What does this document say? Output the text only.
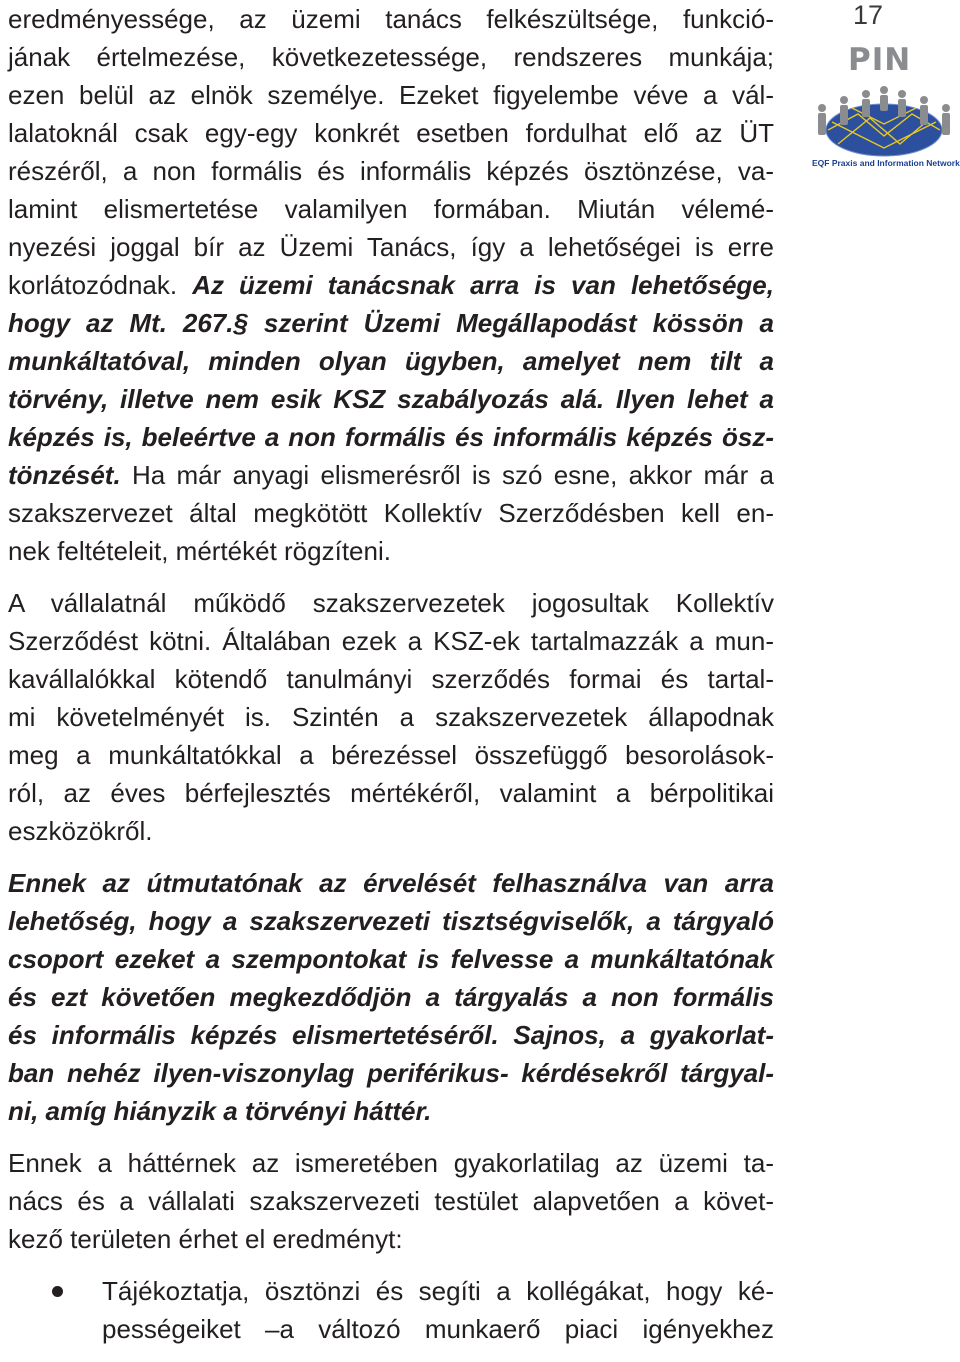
17
PIN
EQF Praxis and Information Network
eredményessége, az üzemi tanács felkészültsége, funkció-
jának értelmezése, következetessége, rendszeres munkája;
ezen belül az elnök személye. Ezeket figyelembe véve a vál-
lalatoknál csak egy-egy konkrét esetben fordulhat elő az ÜT
részéről, a non formális és informális képzés ösztönzése, va-
lamint elismertetése valamilyen formában. Miután vélemé-
nyezési joggal bír az Üzemi Tanács, így a lehetőségei is erre
korlátozódnak. Az üzemi tanácsnak arra is van lehetősége,
hogy az Mt. 267.§ szerint Üzemi Megállapodást kössön a
munkáltatóval, minden olyan ügyben, amelyet nem tilt a
törvény, illetve nem esik KSZ szabályozás alá. Ilyen lehet a
képzés is, beleértve a non formális és informális képzés ösz-
tönzését. Ha már anyagi elismerésről is szó esne, akkor már a
szakszervezet által megkötött Kollektív Szerződésben kell en-
nek feltételeit, mértékét rögzíteni.
A vállalatnál működő szakszervezetek jogosultak Kollektív
Szerződést kötni. Általában ezek a KSZ-ek tartalmazzák a mun-
kavállalókkal kötendő tanulmányi szerződés formai és tartal-
mi követelményét is. Szintén a szakszervezetek állapodnak
meg a munkáltatókkal a bérezéssel összefüggő besorolások-
ról, az éves bérfejlesztés mértékéről, valamint a bérpolitikai
eszközökről.
Ennek az útmutatónak az érvelését felhasználva van arra
lehetőség, hogy a szakszervezeti tisztségviselők, a tárgyaló
csoport ezeket a szempontokat is felvesse a munkáltatónak
és ezt követően megkezdődjön a tárgyalás a non formális
és informális képzés elismertetéséről. Sajnos, a gyakorlat-
ban nehéz ilyen-viszonylag periférikus- kérdésekről tárgyal-
ni, amíg hiányzik a törvényi háttér.
Ennek a háttérnek az ismeretében gyakorlatilag az üzemi ta-
nács és a vállalati szakszervezeti testület alapvetően a követ-
kező területen érhet el eredményt:
Tájékoztatja, ösztönzi és segíti a kollégákat, hogy ké-
pességeiket –a változó munkaerő piaci igényekhez
